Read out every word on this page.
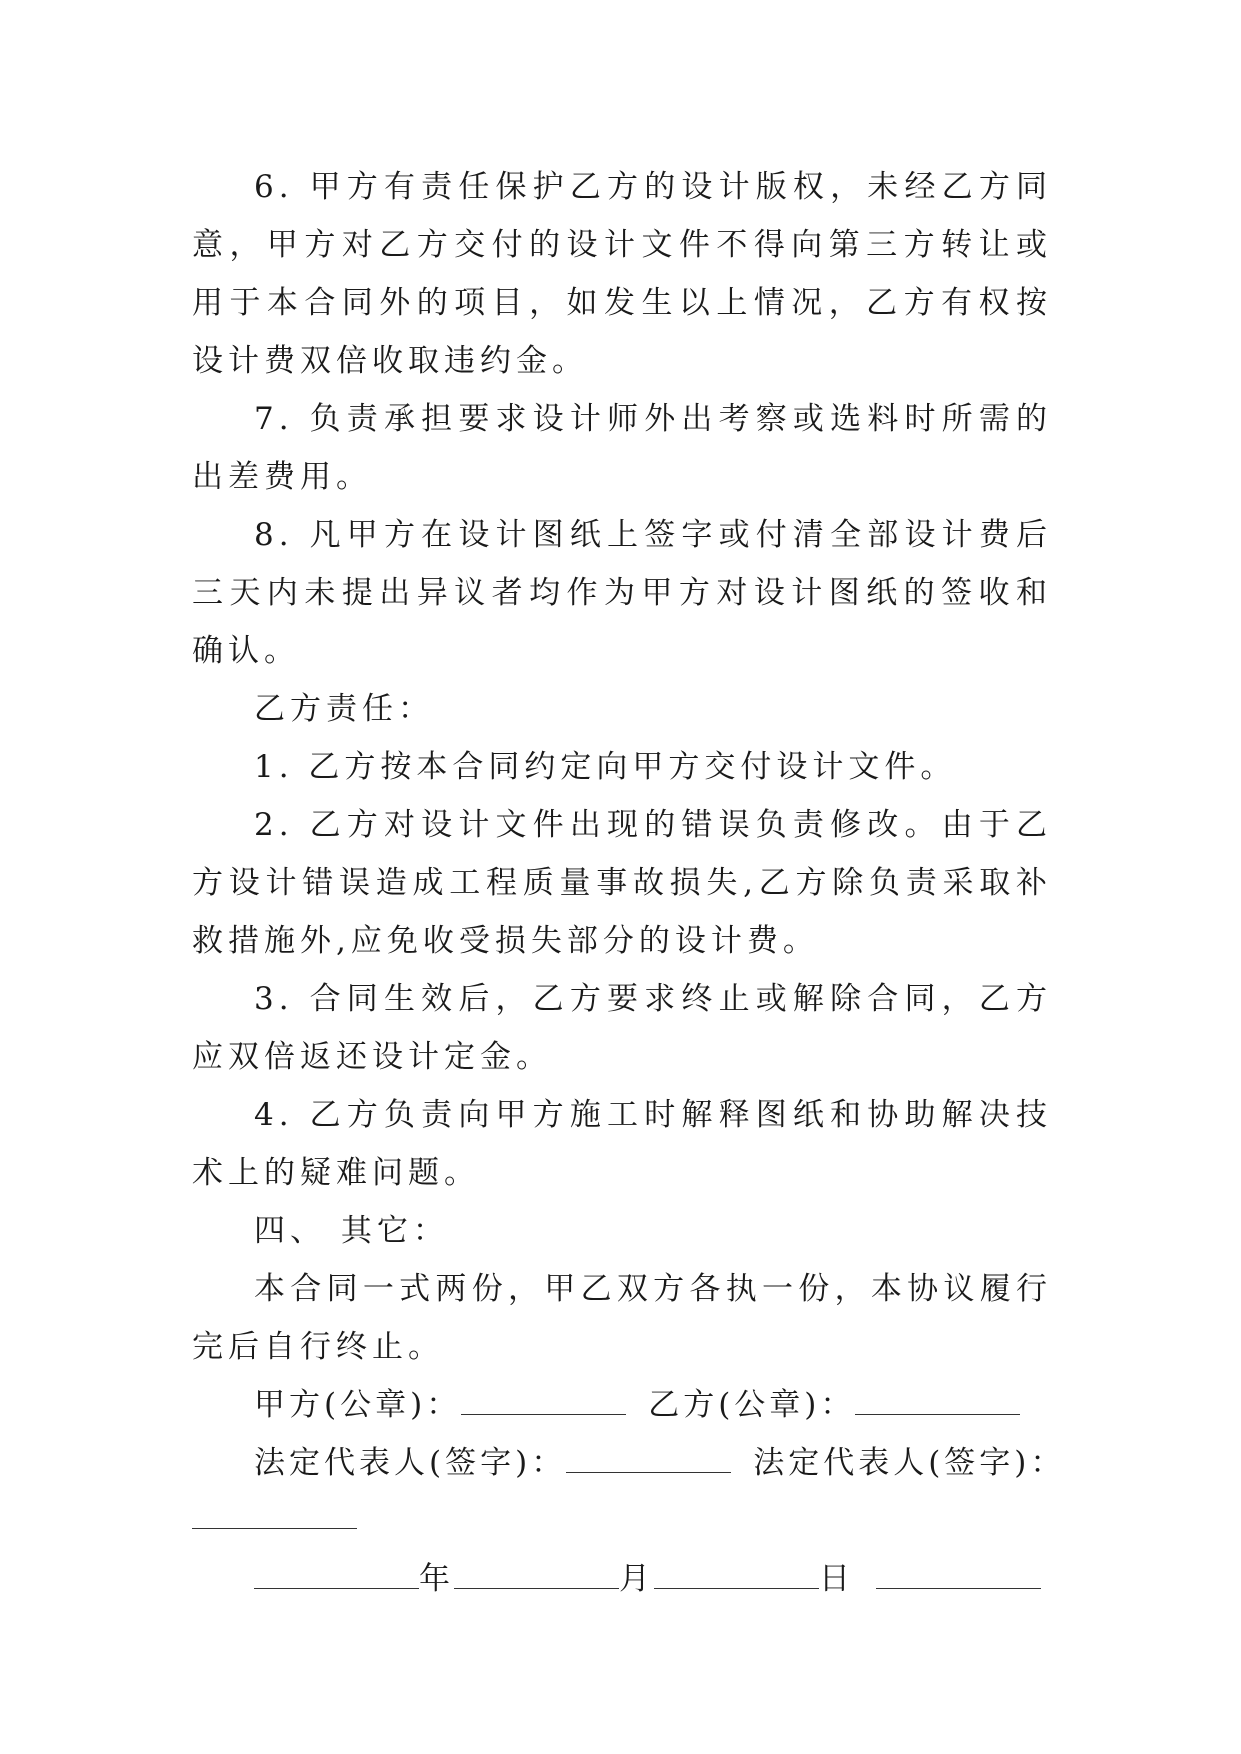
6. 甲方有责任保护乙方的设计版权，未经乙方同意，甲方对乙方交付的设计文件不得向第三方转让或用于本合同外的项目，如发生以上情况，乙方有权按设计费双倍收取违约金。

7. 负责承担要求设计师外出考察或选料时所需的出差费用。

8. 凡甲方在设计图纸上签字或付清全部设计费后三天内未提出异议者均作为甲方对设计图纸的签收和确认。

乙方责任：

1. 乙方按本合同约定向甲方交付设计文件。

2. 乙方对设计文件出现的错误负责修改。由于乙方设计错误造成工程质量事故损失,乙方除负责采取补救措施外,应免收受损失部分的设计费。

3. 合同生效后，乙方要求终止或解除合同，乙方应双倍返还设计定金。

4. 乙方负责向甲方施工时解释图纸和协助解决技术上的疑难问题。

四、 其它：

本合同一式两份，甲乙双方各执一份，本协议履行完后自行终止。

甲方(公章)：	乙方(公章)：

法定代表人(签字)：	法定代表人(签字)：

年	月	日
